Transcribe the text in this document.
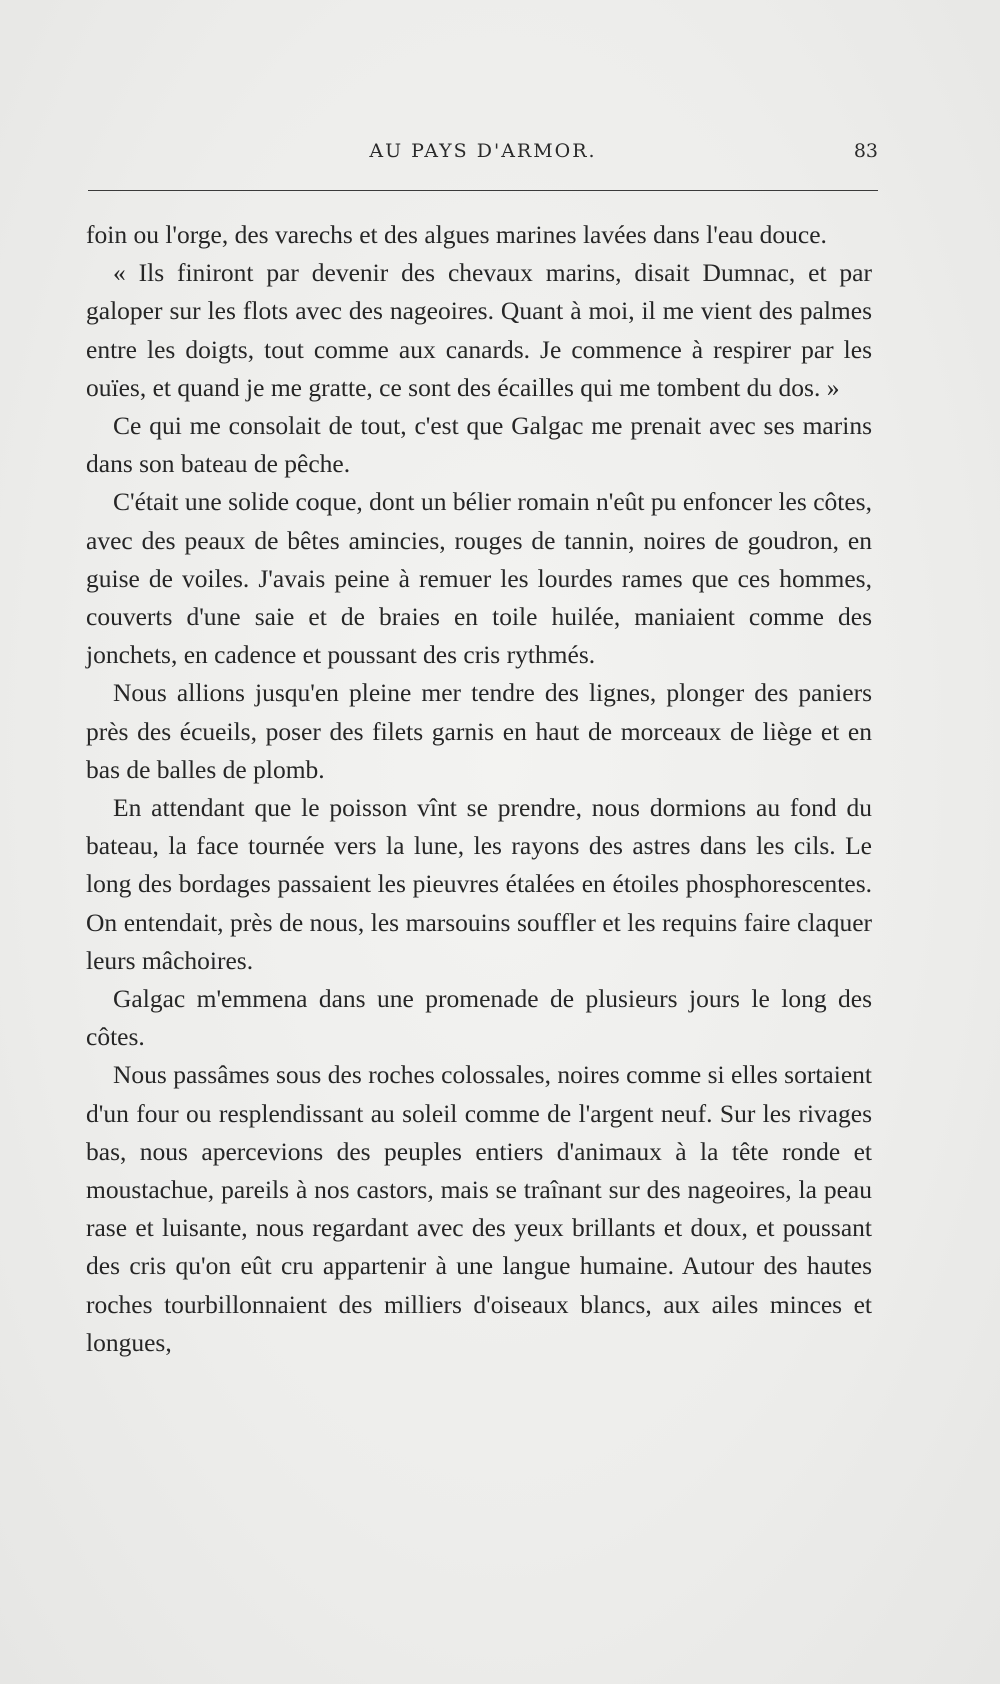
AU PAYS D'ARMOR.	83

foin ou l'orge, des varechs et des algues marines lavées dans l'eau douce.

« Ils finiront par devenir des chevaux marins, disait Dumnac, et par galoper sur les flots avec des nageoires. Quant à moi, il me vient des palmes entre les doigts, tout comme aux canards. Je commence à respirer par les ouïes, et quand je me gratte, ce sont des écailles qui me tombent du dos. »

Ce qui me consolait de tout, c'est que Galgac me prenait avec ses marins dans son bateau de pêche.

C'était une solide coque, dont un bélier romain n'eût pu enfoncer les côtes, avec des peaux de bêtes amincies, rouges de tannin, noires de goudron, en guise de voiles. J'avais peine à remuer les lourdes rames que ces hommes, couverts d'une saie et de braies en toile huilée, maniaient comme des jonchets, en cadence et poussant des cris rythmés.

Nous allions jusqu'en pleine mer tendre des lignes, plonger des paniers près des écueils, poser des filets garnis en haut de morceaux de liège et en bas de balles de plomb.

En attendant que le poisson vînt se prendre, nous dormions au fond du bateau, la face tournée vers la lune, les rayons des astres dans les cils. Le long des bordages passaient les pieuvres étalées en étoiles phosphorescentes. On entendait, près de nous, les marsouins souffler et les requins faire claquer leurs mâchoires.

Galgac m'emmena dans une promenade de plusieurs jours le long des côtes.

Nous passâmes sous des roches colossales, noires comme si elles sortaient d'un four ou resplendissant au soleil comme de l'argent neuf. Sur les rivages bas, nous apercevions des peuples entiers d'animaux à la tête ronde et moustachue, pareils à nos castors, mais se traînant sur des nageoires, la peau rase et luisante, nous regardant avec des yeux brillants et doux, et poussant des cris qu'on eût cru appartenir à une langue humaine. Autour des hautes roches tourbillonnaient des milliers d'oiseaux blancs, aux ailes minces et longues,
